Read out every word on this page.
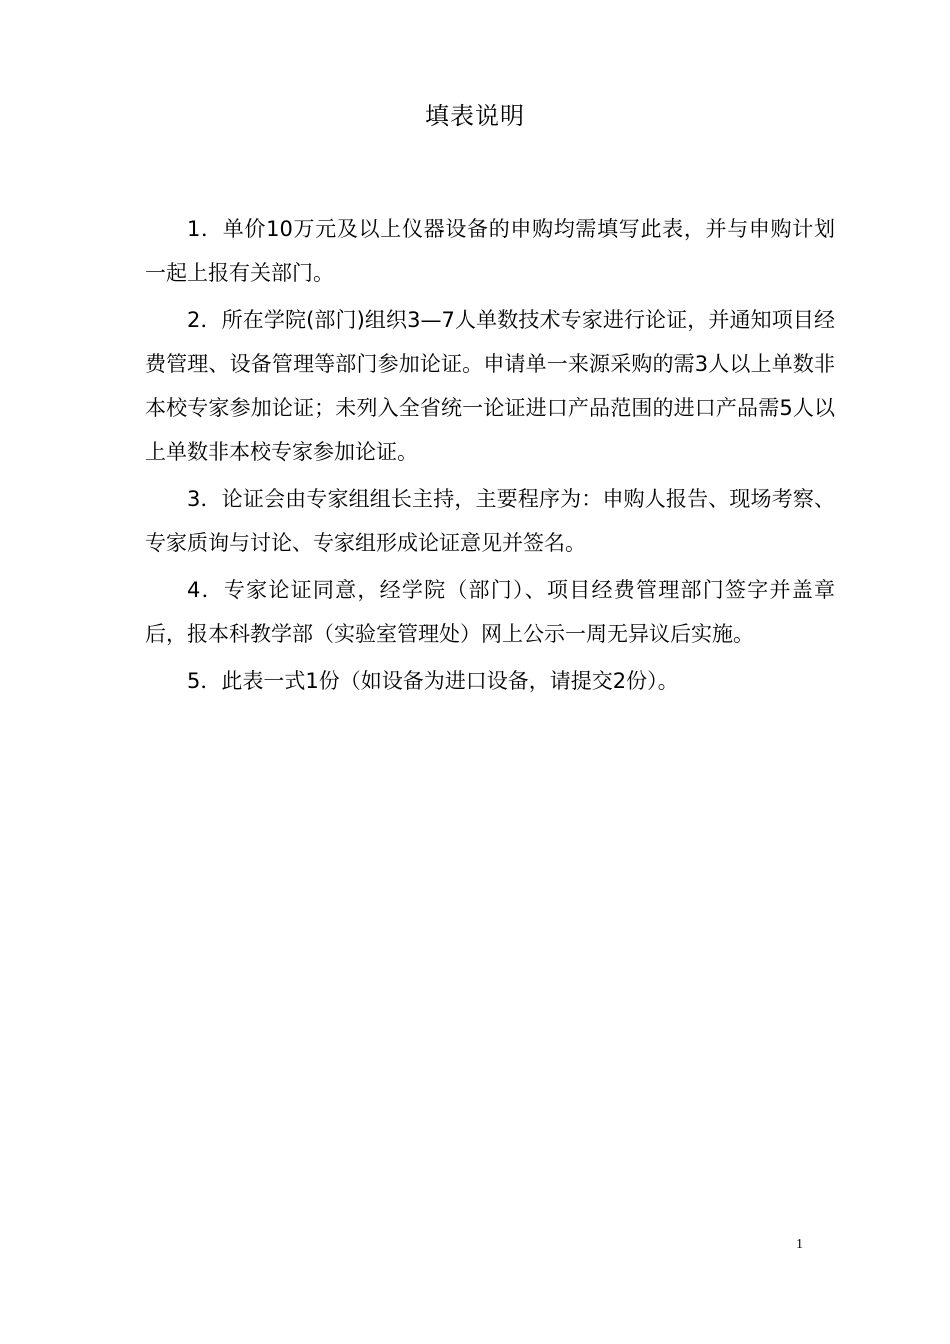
填表说明

1．单价10万元及以上仪器设备的申购均需填写此表，并与申购计划一起上报有关部门。

2．所在学院(部门)组织3—7人单数技术专家进行论证，并通知项目经费管理、设备管理等部门参加论证。申请单一来源采购的需3人以上单数非本校专家参加论证；未列入全省统一论证进口产品范围的进口产品需5人以上单数非本校专家参加论证。

3．论证会由专家组组长主持，主要程序为：申购人报告、现场考察、专家质询与讨论、专家组形成论证意见并签名。

4．专家论证同意，经学院（部门）、项目经费管理部门签字并盖章后，报本科教学部（实验室管理处）网上公示一周无异议后实施。

5．此表一式1份（如设备为进口设备，请提交2份）。

1
